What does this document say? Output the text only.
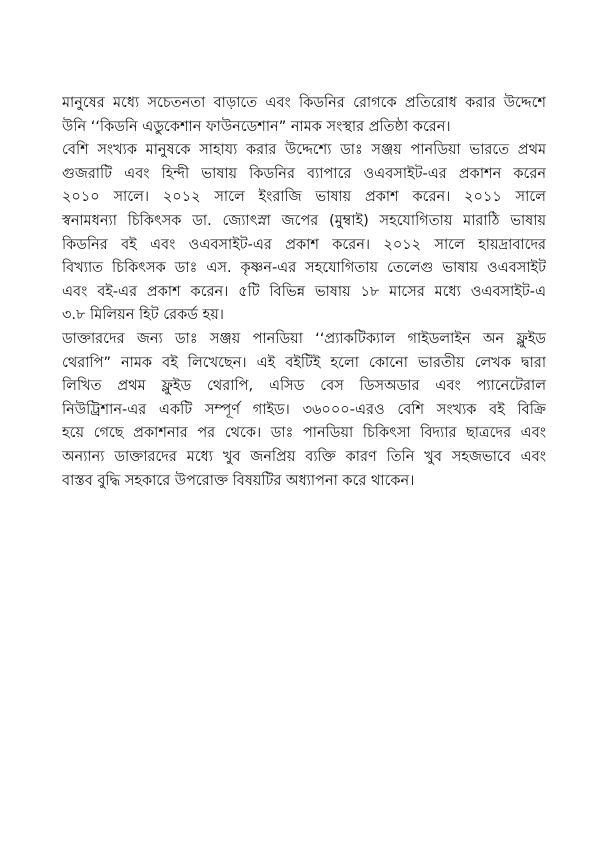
মানুষের মধ্যে সচেতনতা বাড়াতে এবং কিডনির রোগকে প্রতিরোধ করার উদ্দেশে
উনি ‘‘কিডনি এডুকেশান ফাউনডেশান” নামক সংস্থার প্রতিষ্ঠা করেন।
বেশি সংখ্যক মানুষকে সাহায্য করার উদ্দেশ্যে ডাঃ সঞ্জয় পানডিয়া ভারতে প্রথম
গুজরাটি এবং হিন্দী ভাষায় কিডনির ব্যাপারে ওএবসাইট-এর প্রকাশন করেন
২০১০ সালে। ২০১২ সালে ইংরাজি ভাষায় প্রকাশ করেন। ২০১১ সালে
স্বনামধন্যা চিকিৎসক ডা. জ্যোৎস্না জপের (মুম্বাই) সহযোগিতায় মারাঠি ভাষায়
কিডনির বই এবং ওএবসাইট-এর প্রকাশ করেন। ২০১২ সালে হায়দ্রাবাদের
বিখ্যাত চিকিৎসক ডাঃ এস. কৃষ্ণন-এর সহযোগিতায় তেলেগু ভাষায় ওএবসাইট
এবং বই-এর প্রকাশ করেন। ৫টি বিভিন্ন ভাষায় ১৮ মাসের মধ্যে ওএবসাইট-এ
৩.৮ মিলিয়ন হিট রেকর্ড হয়।
ডাক্তারদের জন্য ডাঃ সঞ্জয় পানডিয়া ‘‘প্র্যাকটিক্যাল গাইডলাইন অন ফ্লুইড
থেরাপি” নামক বই লিখেছেন। এই বইটিই হলো কোনো ভারতীয় লেখক দ্বারা
লিখিত প্রথম ফ্লুইড থেরাপি, এসিড বেস ডিসঅডার এবং প্যানেটেরাল
নিউট্রিশান-এর একটি সম্পূর্ণ গাইড। ৩৬০০০-এরও বেশি সংখ্যক বই বিক্রি
হয়ে গেছে প্রকাশনার পর থেকে। ডাঃ পানডিয়া চিকিৎসা বিদ্যার ছাত্রদের এবং
অন্যান্য ডাক্তারদের মধ্যে খুব জনপ্রিয় ব্যক্তি কারণ তিনি খুব সহজভাবে এবং
বাস্তব বুদ্ধি সহকারে উপরোক্ত বিষয়টির অধ্যাপনা করে থাকেন।
